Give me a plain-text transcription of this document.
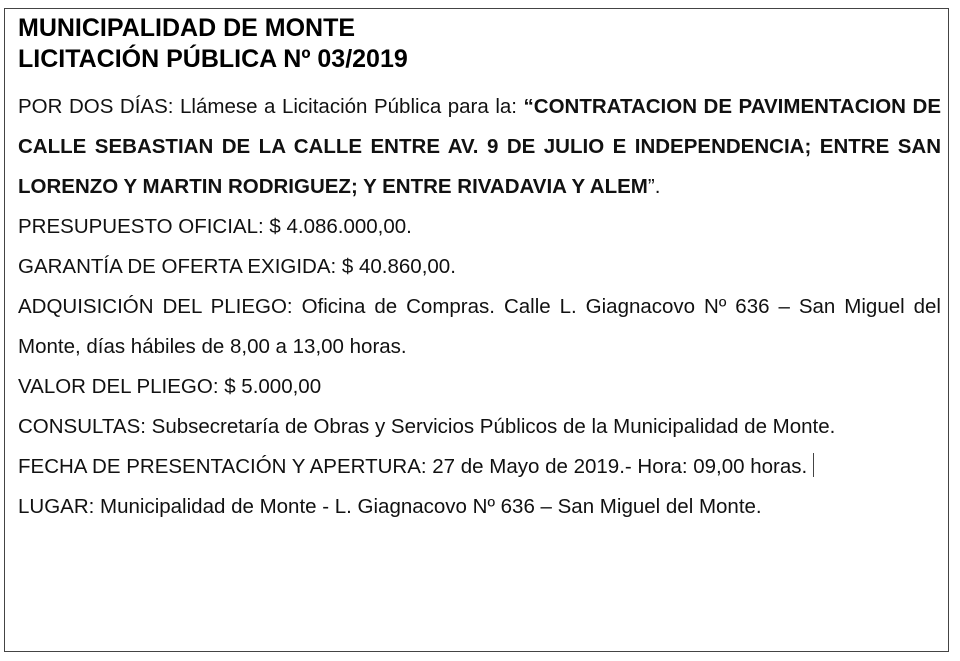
MUNICIPALIDAD DE MONTE
LICITACIÓN PÚBLICA Nº 03/2019

POR DOS DÍAS: Llámese a Licitación Pública para la: “CONTRATACION DE PAVIMENTACION DE CALLE SEBASTIAN DE LA CALLE ENTRE AV. 9 DE JULIO E INDEPENDENCIA; ENTRE SAN LORENZO Y MARTIN RODRIGUEZ; Y ENTRE RIVADAVIA Y ALEM”.

PRESUPUESTO OFICIAL: $ 4.086.000,00.

GARANTÍA DE OFERTA EXIGIDA: $ 40.860,00.

ADQUISICIÓN DEL PLIEGO: Oficina de Compras. Calle L. Giagnacovo Nº 636 – San Miguel del Monte, días hábiles de 8,00 a 13,00 horas.

VALOR DEL PLIEGO: $ 5.000,00

CONSULTAS: Subsecretaría de Obras y Servicios Públicos de la Municipalidad de Monte.

FECHA DE PRESENTACIÓN Y APERTURA: 27 de Mayo de 2019.- Hora: 09,00 horas.

LUGAR: Municipalidad de Monte - L. Giagnacovo Nº 636 – San Miguel del Monte.
